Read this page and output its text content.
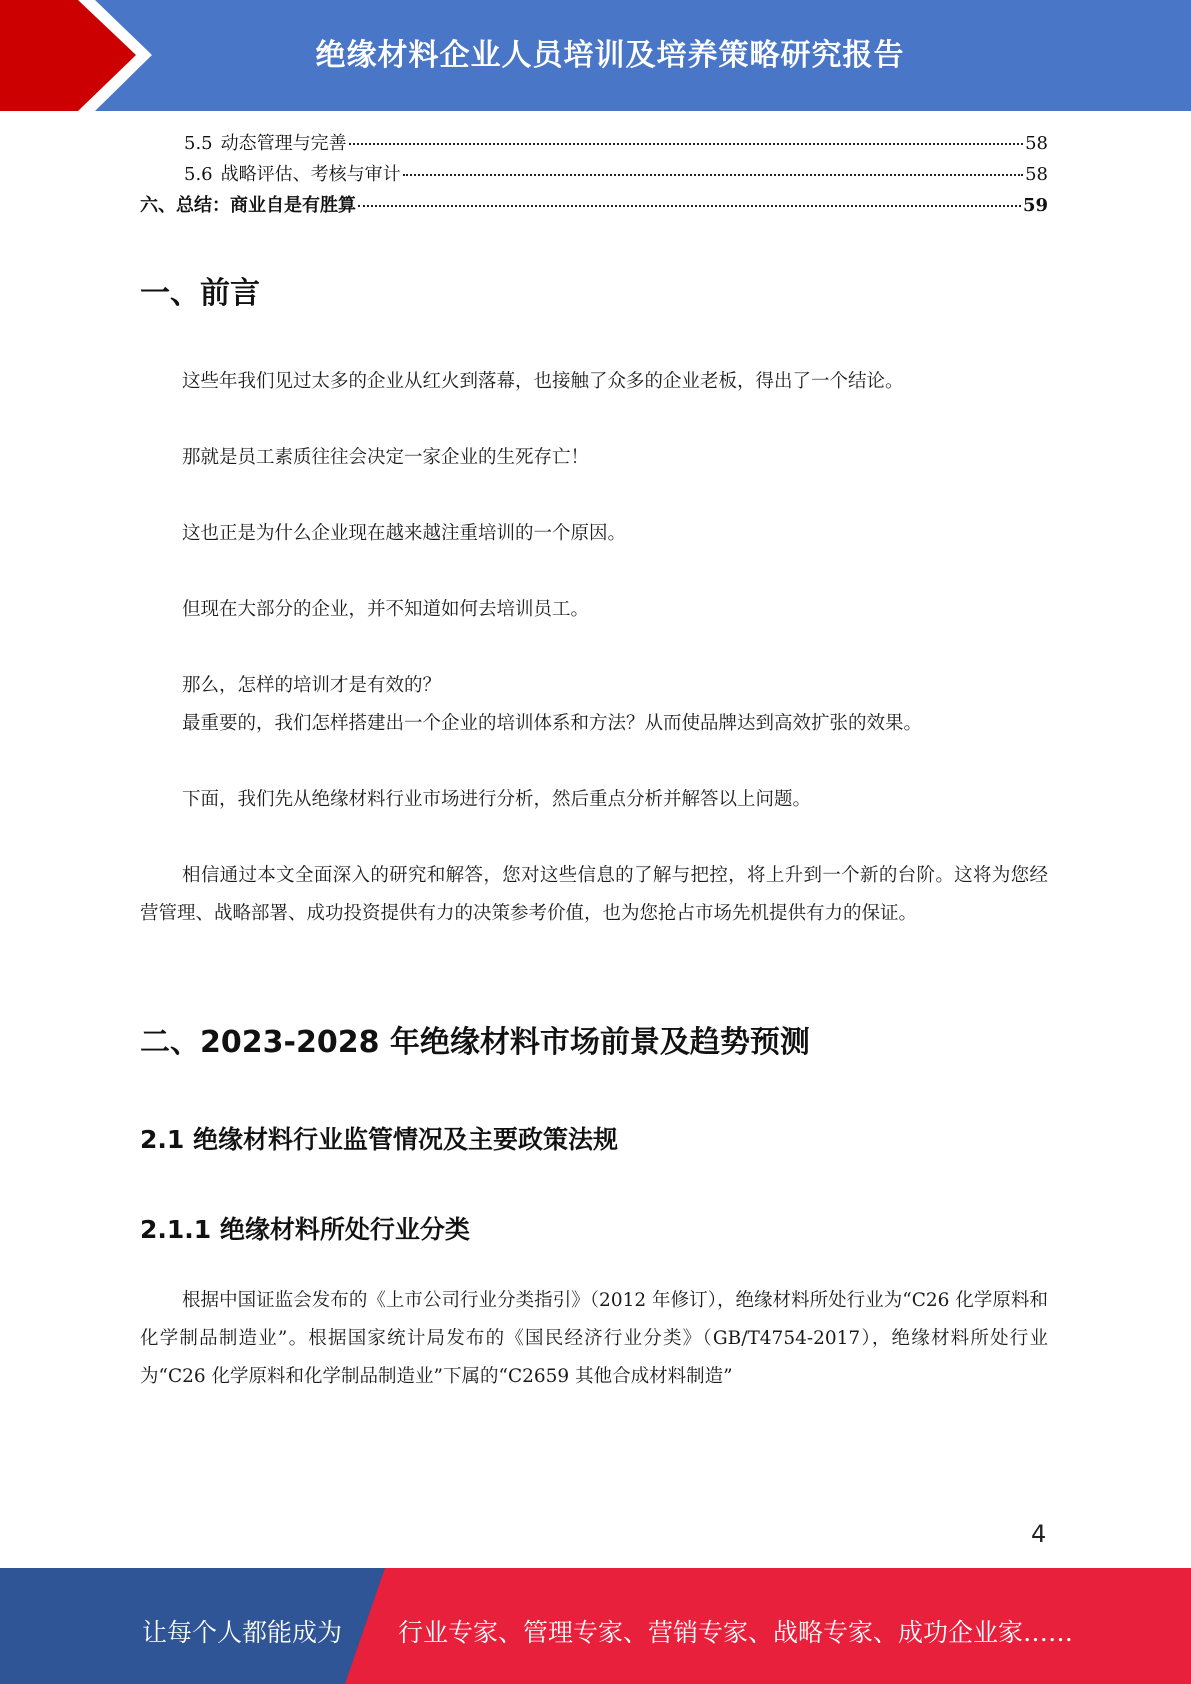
绝缘材料企业人员培训及培养策略研究报告
5.5 动态管理与完善	58
5.6 战略评估、考核与审计	58
六、总结：商业自是有胜算	59
一、前言

这些年我们见过太多的企业从红火到落幕，也接触了众多的企业老板，得出了一个结论。

那就是员工素质往往会决定一家企业的生死存亡！

这也正是为什么企业现在越来越注重培训的一个原因。

但现在大部分的企业，并不知道如何去培训员工。

那么，怎样的培训才是有效的？

最重要的，我们怎样搭建出一个企业的培训体系和方法？从而使品牌达到高效扩张的效果。

下面，我们先从绝缘材料行业市场进行分析，然后重点分析并解答以上问题。

相信通过本文全面深入的研究和解答，您对这些信息的了解与把控，将上升到一个新的台阶。这将为您经营管理、战略部署、成功投资提供有力的决策参考价值，也为您抢占市场先机提供有力的保证。

二、2023-2028 年绝缘材料市场前景及趋势预测
2.1 绝缘材料行业监管情况及主要政策法规
2.1.1 绝缘材料所处行业分类

根据中国证监会发布的《上市公司行业分类指引》（2012 年修订），绝缘材料所处行业为“C26 化学原料和化学制品制造业”。根据国家统计局发布的《国民经济行业分类》（GB/T4754-2017），绝缘材料所处行业为“C26 化学原料和化学制品制造业”下属的“C2659 其他合成材料制造”

4
让每个人都能成为 行业专家、管理专家、营销专家、战略专家、成功企业家……
